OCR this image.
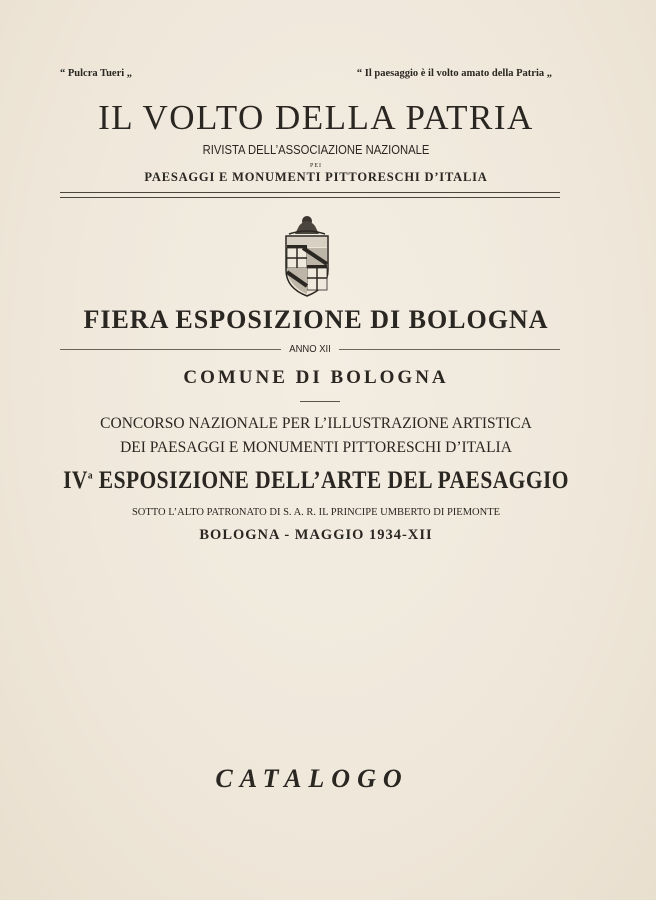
“ Pulcra Tueri „	“ Il paesaggio è il volto amato della Patria „
IL VOLTO DELLA PATRIA
RIVISTA DELL’ASSOCIAZIONE NAZIONALE
PEI
PAESAGGI E MONUMENTI PITTORESCHI D’ITALIA
FIERA ESPOSIZIONE DI BOLOGNA
ANNO XII
COMUNE DI BOLOGNA
CONCORSO NAZIONALE PER L’ILLUSTRAZIONE ARTISTICA
DEI PAESAGGI E MONUMENTI PITTORESCHI D’ITALIA
$IV^a$ ESPOSIZIONE DELL’ARTE DEL PAESAGGIO
SOTTO L’ALTO PATRONATO DI S. A. R. IL PRINCIPE UMBERTO DI PIEMONTE
BOLOGNA - MAGGIO 1934-XII
CATALOGO
